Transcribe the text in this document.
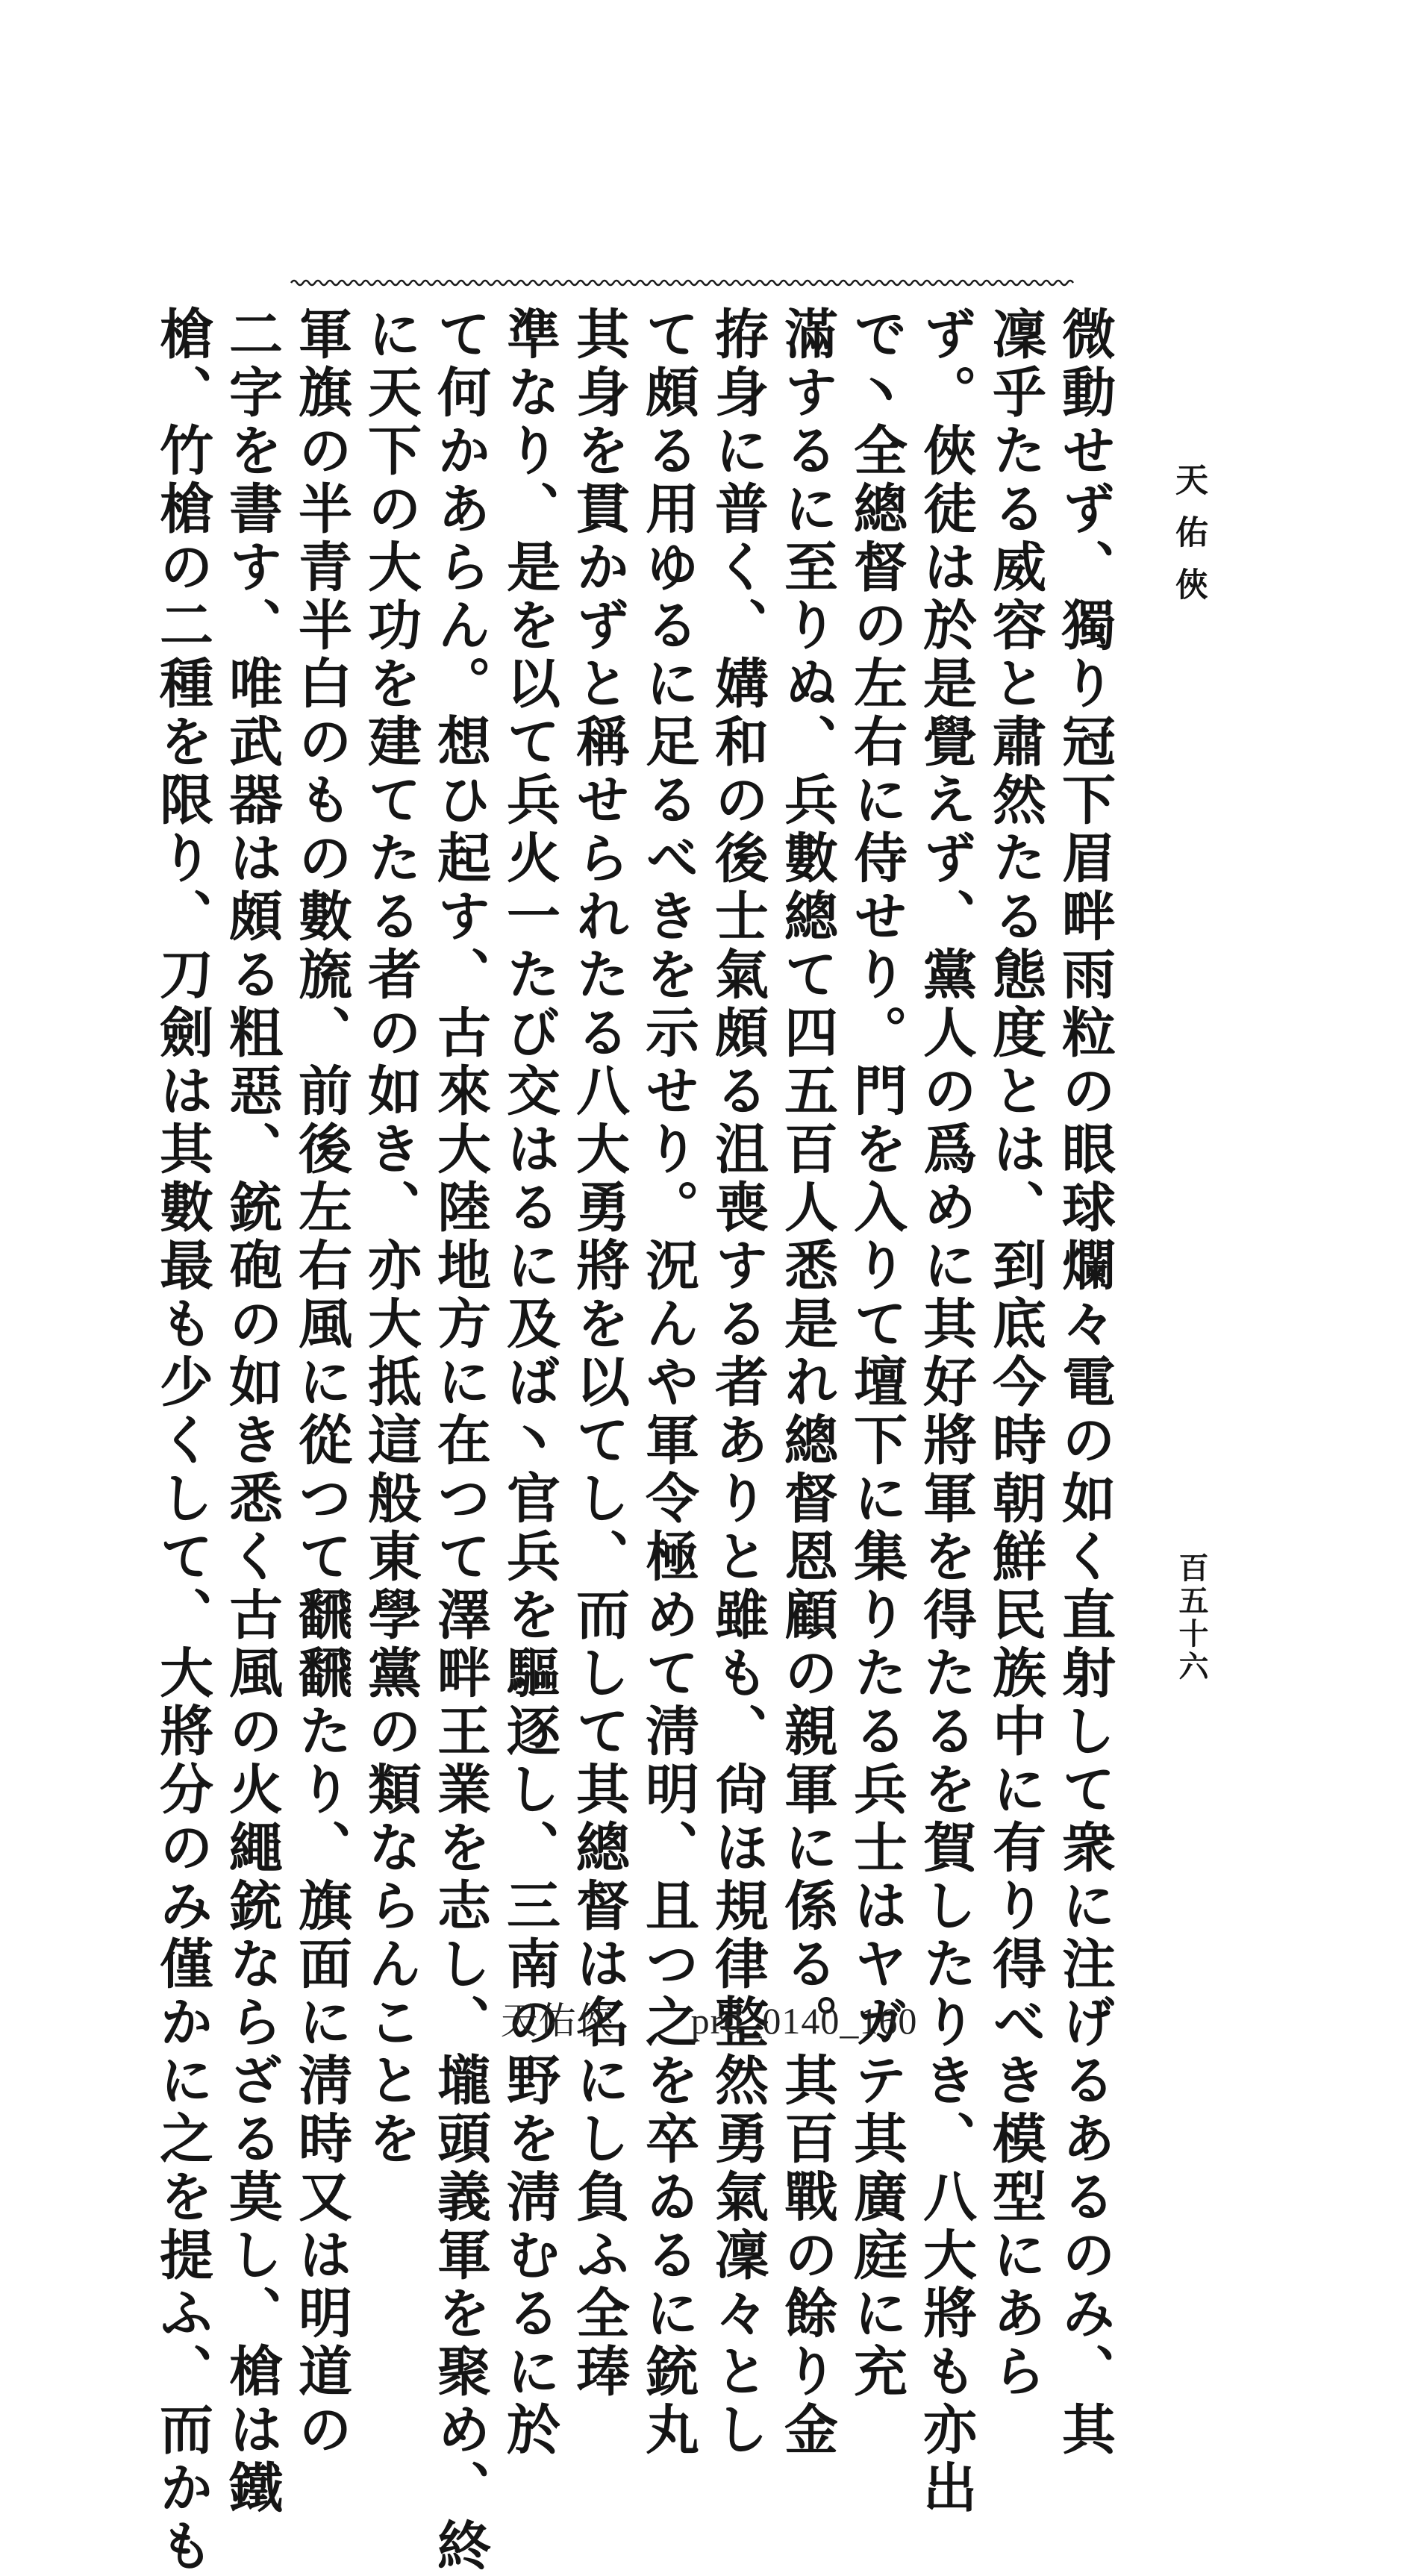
天佑俠
百五十六
微動せず、獨り冠下眉畔雨粒の眼球爛々電の如く直射して衆に注げるあるのみ、其
凜乎たる威容と肅然たる態度とは、到底今時朝鮮民族中に有り得べき模型にあら
ず。俠徒は於是覺えず、黨人の爲めに其好將軍を得たるを賀したりき、八大將も亦出
で丶全總督の左右に侍せり。門を入りて壇下に集りたる兵士はヤガテ其廣庭に充
滿するに至りぬ、兵數總て四五百人悉是れ總督恩顧の親軍に係る。其百戰の餘り金
拵身に普く、媾和の後士氣頗る沮喪する者ありと雖も、尙ほ規律整然勇氣凜々とし
て頗る用ゆるに足るべきを示せり。況んや軍令極めて淸明、且つ之を卒ゐるに銃丸
其身を貫かずと稱せられたる八大勇將を以てし、而して其總督は名にし負ふ全琫
準なり、是を以て兵火一たび交はるに及ば丶官兵を驅逐し、三南の野を淸むるに於
て何かあらん。想ひ起す、古來大陸地方に在つて澤畔王業を志し、壠頭義軍を聚め、終
に天下の大功を建てたる者の如き、亦大抵這般東學黨の類ならんことを
軍旗の半青半白のもの數旒、前後左右風に從つて飜飜たり、旗面に淸時又は明道の
二字を書す、唯武器は頗る粗惡、銃砲の如き悉く古風の火繩銃ならざる莫し、槍は鐵
槍、竹槍の二種を限り、刀劍は其數最も少くして、大將分のみ僅かに之を提ふ、而かも	天佑俠　　prd_0140_160
